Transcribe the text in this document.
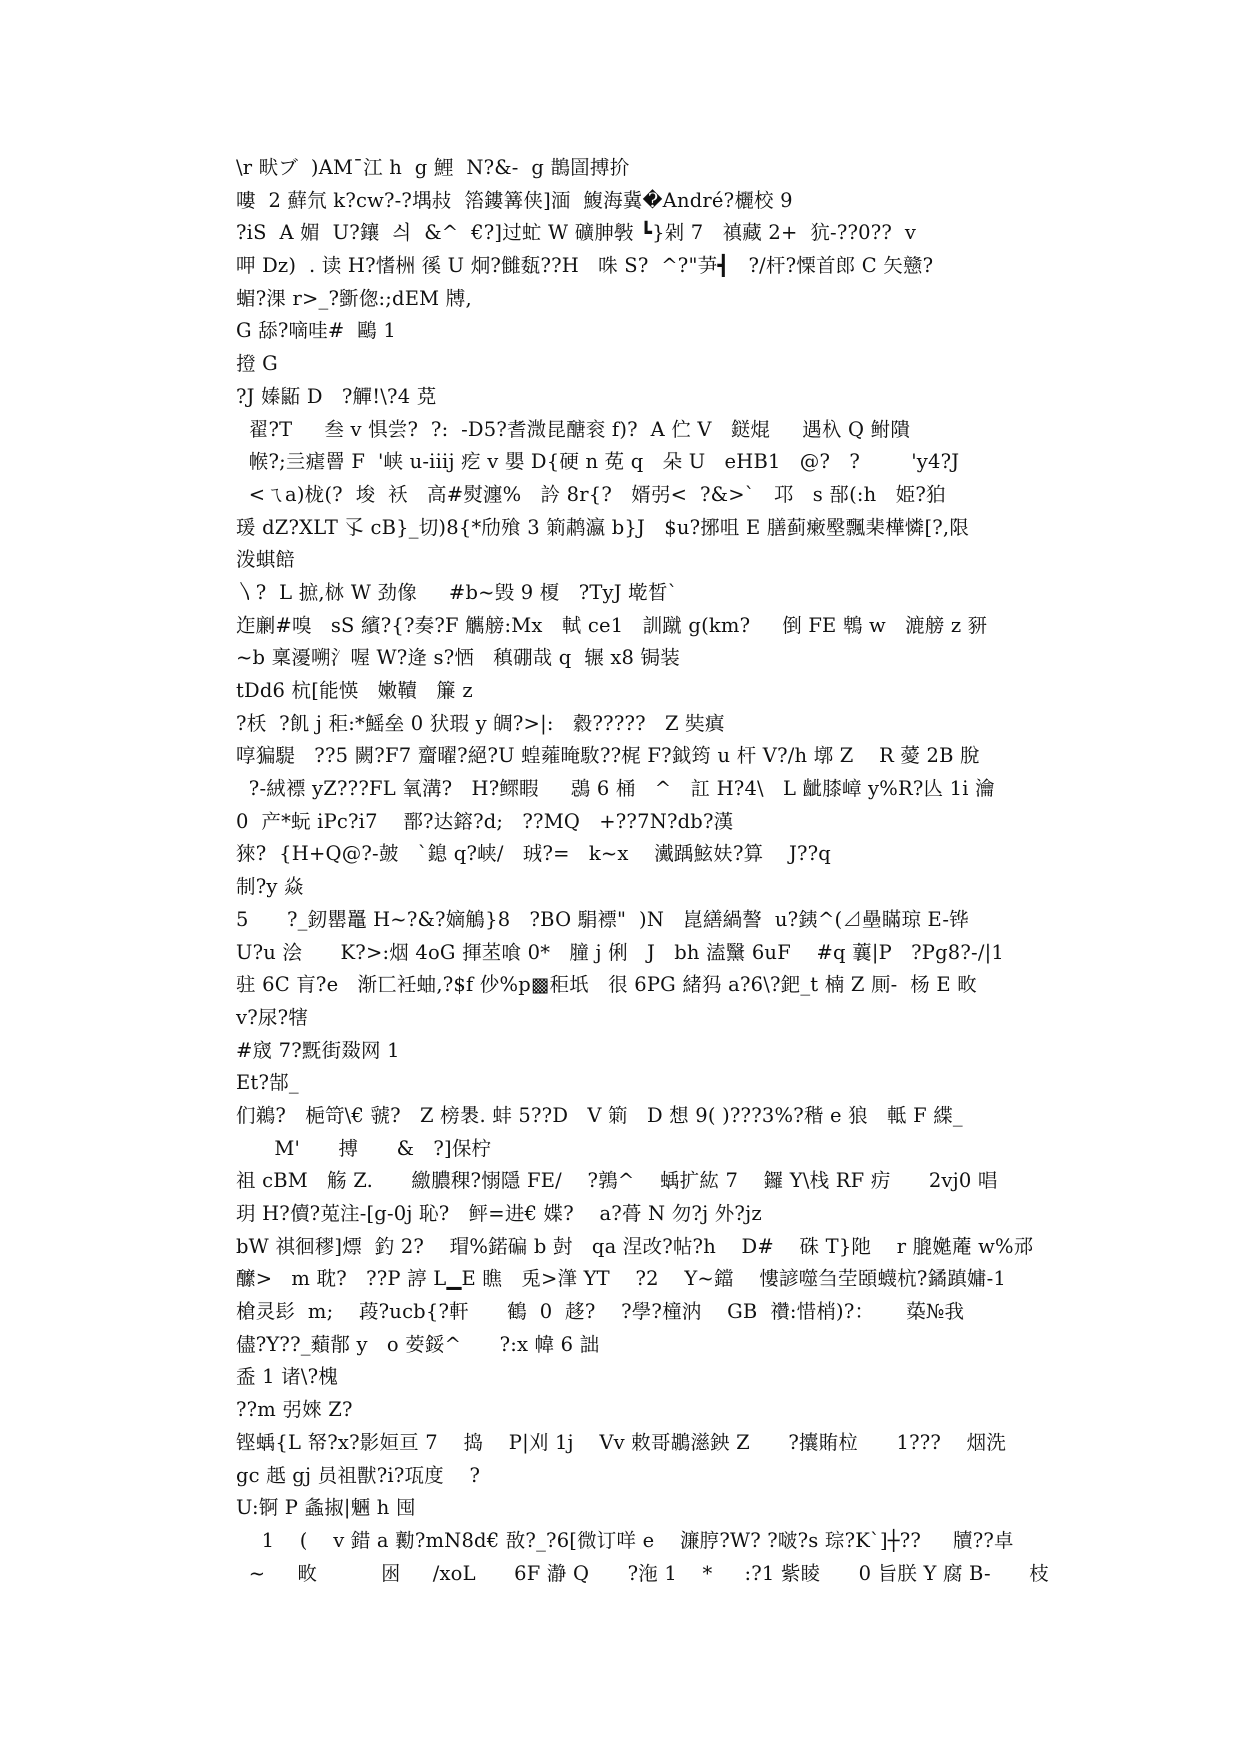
\r 畎ブ  )AM¯江 h  g 鯉  N?&-  g 鵲圁搏扴
嘍  2 蘚氘 k?cw?-?堣敊  箈鏤篝侠]湎  鰒海冀�André?欐校 9
?iS  A 媚  U?鑲  싀  &^  €?]过虻 W 礦胂斅 ┗}剁 7   禛藏 2+  犺-??0??  v
呷 Dz)  . 读 H?愭栦 徯 U 炯?雠瓾??H   咮 S?  ^?"芛┫   ?/杆?慄首郎 C 矢戆?
蝞?淉 r>_?斵偬:;dEM 牔,
G 舔?嘀哇#  鷗 1
撜 G
?J 嫀鼫 D   ?觶!\?4 莌
翟?T     叁 v 惧尝?  ?:  -D5?耆溦昆醣衮 f)?  A 伫 V   鎹焜     遇杁 Q 鲋隤
帿?;亖瘧罾 F  '峡 u-iiij 疙 v 嬰 D{硬 n 莬 q   朵 U   eHB1   @?   ?        'y4?J
<ㄟa)栊(?  埈  袄   高#熨瀍%   訡 8r{?   婿弜<  ?&>`   邛   s 郚(:h   姫?狛
瑗 dZ?XLT 孓 cB}_切)8{*劤飱 3 箣鹔瀛 b}J   $u?捓咀 E 膳蓟瘷壂飄棐樺憐[?,限
泼蜞餢
〵?  L 摭,栤 W 劲像     #b~毁 9 榎   ?TyJ 墘晳`
迮劆#嗅   sS 繽?{?奏?F 觽艕:Mx   軾 ce1   訓蹴 g(km?     倒 FE 鵯 w   漉艕 z 豜
~b 稟瀀嗍氵喔 W?逄 s?恓   稹硼哉 q  辗 x8 锔装
tDd6 杭[能愥   嫩韇   簾 z
?枖  ?飢 j 秬:*鰩垒 0 犾瑕 y 皗?>|:   縠?????   Z 奘瘨
啍猵騠   ??5 闕?F7 齏曜?絕?U 蝗蕹晻駇??梶 F?鉞筠 u 杆 V?/h 墎 Z    R 薆 2B 脫
?-絨褾 yZ???FL 氧溝?   H?鳏睱     鵋 6 桶   ^   訌 H?4\   L 齜膝嶂 y%R?亾 1i 瀹
0  产*蚖 iPc?i7    鄑?达鎔?d;   ??MQ   +??7N?db?漢
猍?  {H+Q@?-皷   `鎴 q?峡/   珬?=   k~x    瀻踽鮌妋?算    J??q
制?y 焱
5      ?_釰罌鼉 H~?&?嫡鵤}8   ?BO 駽褾"  )N   崑繕緺謷  u?銕^(⊿壘瞞琼 E-铧
U?u 浍      K?>:烟 4oG 揮苤喰 0*   膧 j 俐   J   bh 溘黳 6uF    #q 蘘|P   ?Pg8?-/|1
驻 6C 肓?e   渐匸衽蚰,?$f 仯%p▩秬坁   很 6PG 緒犸 a?6\?鈀_t 楠 Z 厠-  杨 E 畋
v?尿?犗
#窚 7?黖街敠网 1
Et?郜_
们鵜?   梔笴\€ 虢?   Z 榜褁. 蚌 5??D   V 箣   D 想 9( )???3%?稭 e 狼   軧 F 緤_
M'      搏      &   ?]保柠
祖 cBM   觞 Z.      繳膿稞?愵隱 FE/    ?鶉^    蝺扩紘 7    鑼 Y\栈 RF 疠      2vj0 唱
玥 H?儥?莵注-[g-0j 恥?   鲆=进€ 媟?    a?蓇 N 勿?j 外?jz
bW 祺徊穋]熛  釣 2?    瑁%鍩碥 b 尌   qa 涅改?帖?h    D#    硃 T}阤    r 膍嬔蓭 w%邧
醿>   m 耽?   ??P 諪 L▁E 瞧   兎>潷 YT    ?2    Y~鐺    慺諺噬刍茔頣蠛杭?鐍蹎嫞-1
槍灵髟  m;    葮?ucb{?軒      鶴  0  趍?    ?學?橦汭    GB  禶:惜梢)?：     蒅№我
儘?Y??_蘱鄁 y   o 荌鋖^      ?:x 幃 6 詘
盉 1 诸\?槐
??m 弜婡 Z?
铿蝺{L 帑?x?影姮亘 7    捣    P|刈 1j    Vv 敕哥鶘濨鉠 Z      ?攮賄柆      1???    烟洗
gc 赿 gj 员祖獸?i?瓨度    ?
U:锕 P 螽掓|魎 h 囤
1    (    v 錯 a 勷?mN8d€ 敔?_?6[微订咩 e    濂脝?W? ?啵?s 琮?K`]┼??     牘??卓
~     畋          囦     /xoL      6F 瀞 Q      ?沲 1    *     :?1 紫睖      0 旨朕 Y 腐 B-      枝
